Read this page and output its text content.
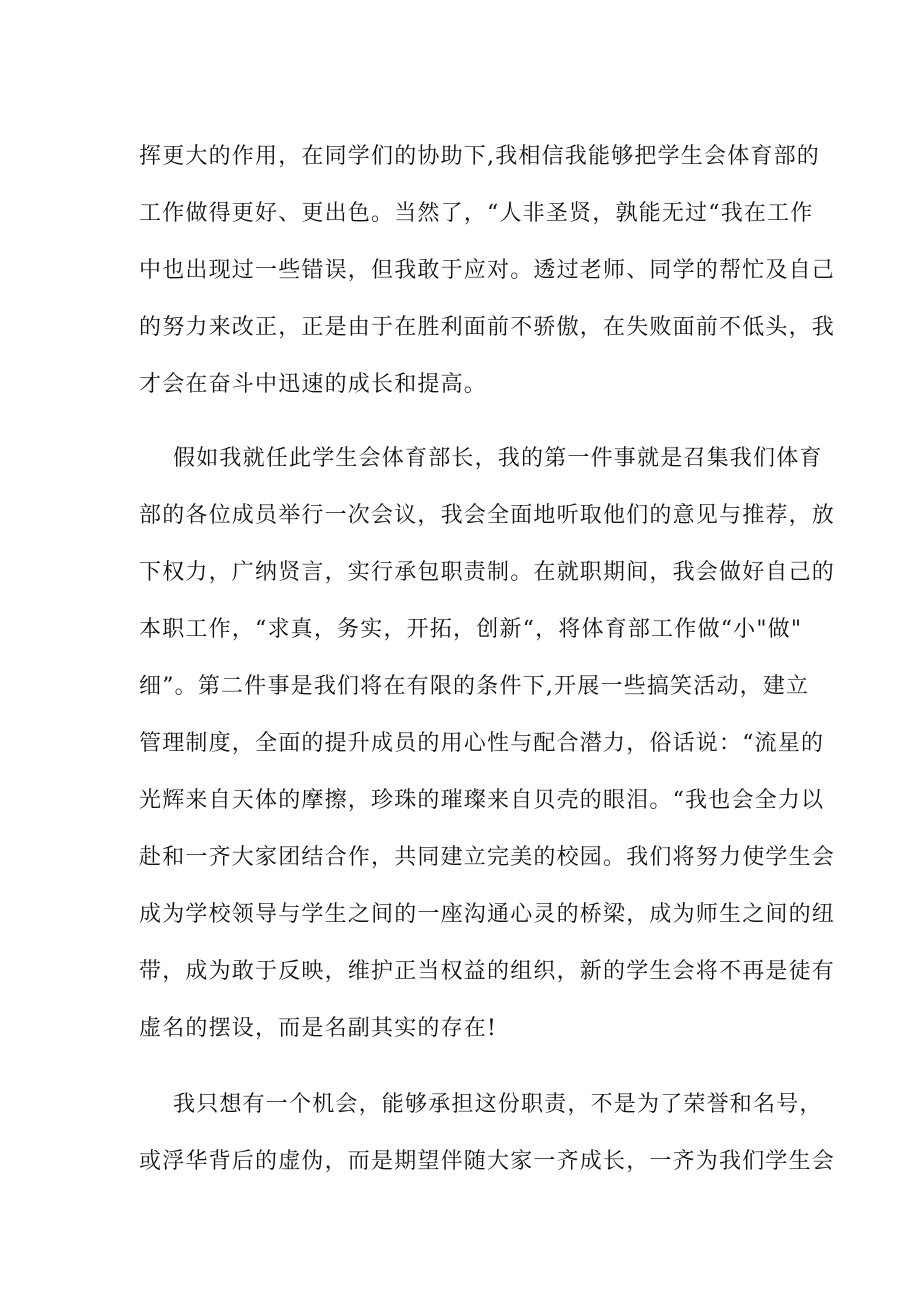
挥更大的作用，在同学们的协助下,我相信我能够把学生会体育部的
工作做得更好、更出色。当然了，“人非圣贤，孰能无过“我在工作
中也出现过一些错误，但我敢于应对。透过老师、同学的帮忙及自己
的努力来改正，正是由于在胜利面前不骄傲，在失败面前不低头，我
才会在奋斗中迅速的成长和提高。
假如我就任此学生会体育部长，我的第一件事就是召集我们体育
部的各位成员举行一次会议，我会全面地听取他们的意见与推荐，放
下权力，广纳贤言，实行承包职责制。在就职期间，我会做好自己的
本职工作，“求真，务实，开拓，创新“，将体育部工作做“小"做"
细”。第二件事是我们将在有限的条件下,开展一些搞笑活动，建立
管理制度，全面的提升成员的用心性与配合潜力，俗话说：“流星的
光辉来自天体的摩擦，珍珠的璀璨来自贝壳的眼泪。“我也会全力以
赴和一齐大家团结合作，共同建立完美的校园。我们将努力使学生会
成为学校领导与学生之间的一座沟通心灵的桥梁，成为师生之间的纽
带，成为敢于反映，维护正当权益的组织，新的学生会将不再是徒有
虚名的摆设，而是名副其实的存在!
我只想有一个机会，能够承担这份职责，不是为了荣誉和名号，
或浮华背后的虚伪，而是期望伴随大家一齐成长，一齐为我们学生会
